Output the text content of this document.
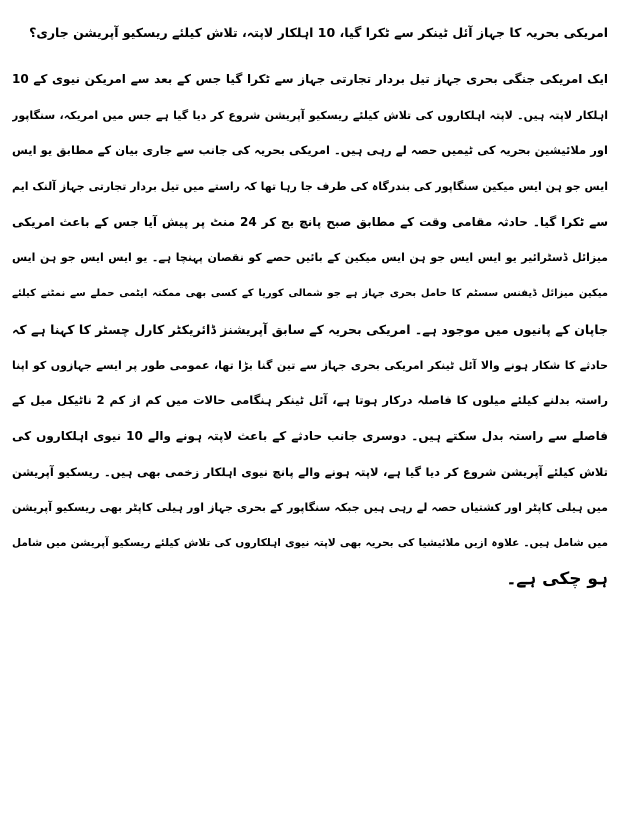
امریکی بحریہ کا جہاز آئل ٹینکر سے ٹکرا گیا، 10 اہلکار لاپتہ، تلاش کیلئے ریسکیو آپریشن جاری؟
ایک امریکی جنگی بحری جہاز تیل بردار تجارتی جہاز سے ٹکرا گیا جس کے بعد سے امریکن نیوی کے 10
اہلکار لاپتہ ہیں۔ لاپتہ اہلکاروں کی تلاش کیلئے ریسکیو آپریشن شروع کر دیا گیا ہے جس میں امریکہ، سنگاپور
اور ملائیشین بحریہ کی ٹیمیں حصہ لے رہی ہیں۔ امریکی بحریہ کی جانب سے جاری بیان کے مطابق یو ایس
ایس جو ہن ایس میکین سنگاپور کی بندرگاہ کی طرف جا رہا تھا کہ راستے میں تیل بردار تجارتی جہاز آلنک ایم
سے ٹکرا گیا۔ حادثہ مقامی وقت کے مطابق صبح پانچ بج کر 24 منٹ پر پیش آیا جس کے باعث امریکی
میزائل ڈسٹرائیر یو ایس ایس جو ہن ایس میکین کے بائیں حصے کو نقصان پہنچا ہے۔ یو ایس ایس جو ہن ایس
میکین میزائل ڈیفنس سسٹم کا حامل بحری جہاز ہے جو شمالی کوریا کے کسی بھی ممکنہ ایٹمی حملے سے نمٹنے کیلئے
جاپان کے پانیوں میں موجود ہے۔ امریکی بحریہ کے سابق آپریشنز ڈائریکٹر کارل چسٹر کا کہنا ہے کہ
حادثے کا شکار ہونے والا آئل ٹینکر امریکی بحری جہاز سے تین گنا بڑا تھا، عمومی طور پر ایسے جہازوں کو اپنا
راستہ بدلنے کیلئے میلوں کا فاصلہ درکار ہوتا ہے، آئل ٹینکر ہنگامی حالات میں کم از کم 2 ناٹیکل میل کے
فاصلے سے راستہ بدل سکتے ہیں۔ دوسری جانب حادثے کے باعث لاپتہ ہونے والے 10 نیوی اہلکاروں کی
تلاش کیلئے آپریشن شروع کر دیا گیا ہے، لاپتہ ہونے والے پانچ نیوی اہلکار زخمی بھی ہیں۔ ریسکیو آپریشن
میں ہیلی کاپٹر اور کشتیاں حصہ لے رہی ہیں جبکہ سنگاپور کے بحری جہاز اور ہیلی کاپٹر بھی ریسکیو آپریشن
میں شامل ہیں۔ علاوہ ازیں ملائیشیا کی بحریہ بھی لاپتہ نیوی اہلکاروں کی تلاش کیلئے ریسکیو آپریشن میں شامل
ہو چکی ہے۔
